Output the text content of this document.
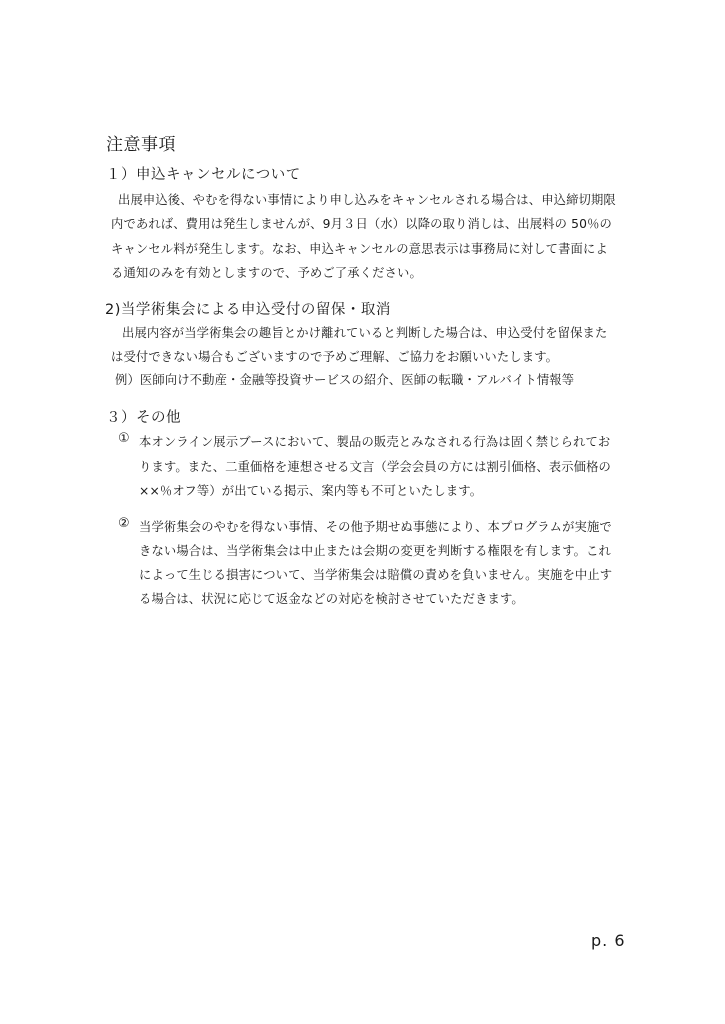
注意事項
１）申込キャンセルについて
出展申込後、やむを得ない事情により申し込みをキャンセルされる場合は、申込締切期限
内であれば、費用は発生しませんが、9月３日（水）以降の取り消しは、出展料の 50％の
キャンセル料が発生します。なお、申込キャンセルの意思表示は事務局に対して書面によ
る通知のみを有効としますので、予めご了承ください。
2)当学術集会による申込受付の留保・取消
出展内容が当学術集会の趣旨とかけ離れていると判断した場合は、申込受付を留保また
は受付できない場合もございますので予めご理解、ご協力をお願いいたします。
例）医師向け不動産・金融等投資サービスの紹介、医師の転職・アルバイト情報等
３）その他
① 本オンライン展示ブースにおいて、製品の販売とみなされる行為は固く禁じられてお
ります。また、二重価格を連想させる文言（学会会員の方には割引価格、表示価格の
××％オフ等）が出ている掲示、案内等も不可といたします。
② 当学術集会のやむを得ない事情、その他予期せぬ事態により、本プログラムが実施で
きない場合は、当学術集会は中止または会期の変更を判断する権限を有します。これ
によって生じる損害について、当学術集会は賠償の責めを負いません。実施を中止す
る場合は、状況に応じて返金などの対応を検討させていただきます。
p. 6
